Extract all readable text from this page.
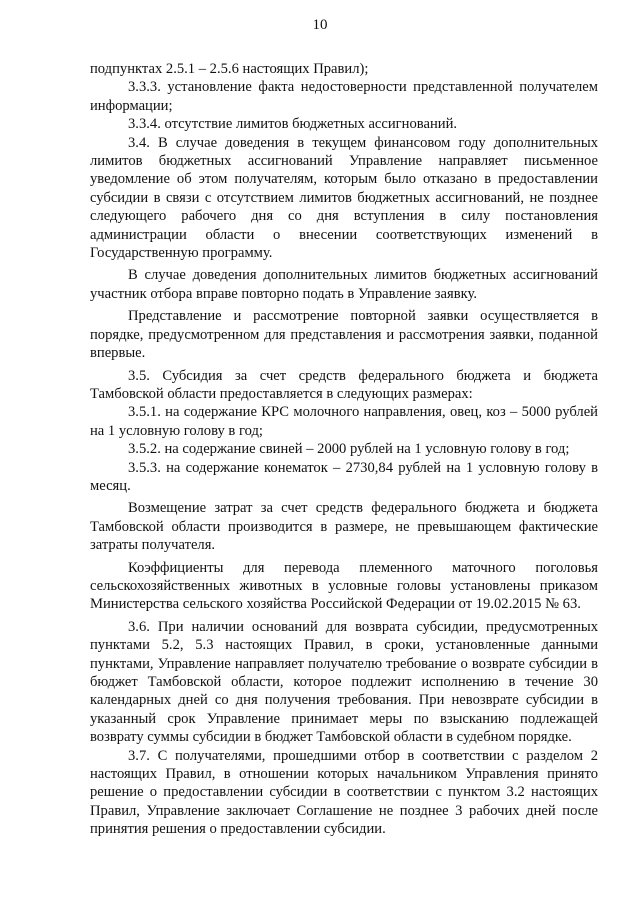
10

подпунктах 2.5.1 – 2.5.6 настоящих Правил);

3.3.3. установление факта недостоверности представленной получателем информации;

3.3.4. отсутствие лимитов бюджетных ассигнований.

3.4. В случае доведения в текущем финансовом году дополнительных лимитов бюджетных ассигнований Управление направляет письменное уведомление об этом получателям, которым было отказано в предоставлении субсидии в связи с отсутствием лимитов бюджетных ассигнований, не позднее следующего рабочего дня со дня вступления в силу постановления администрации области о внесении соответствующих изменений в Государственную программу.

В случае доведения дополнительных лимитов бюджетных ассигнований участник отбора вправе повторно подать в Управление заявку.

Представление и рассмотрение повторной заявки осуществляется в порядке, предусмотренном для представления и рассмотрения заявки, поданной впервые.

3.5. Субсидия за счет средств федерального бюджета и бюджета Тамбовской области предоставляется в следующих размерах:

3.5.1. на содержание КРС молочного направления, овец, коз – 5000 рублей на 1 условную голову в год;

3.5.2. на содержание свиней – 2000 рублей на 1 условную голову в год;

3.5.3. на содержание конематок – 2730,84 рублей на 1 условную голову в месяц.

Возмещение затрат за счет средств федерального бюджета и бюджета Тамбовской области производится в размере, не превышающем фактические затраты получателя.

Коэффициенты для перевода племенного маточного поголовья сельскохозяйственных животных в условные головы установлены приказом Министерства сельского хозяйства Российской Федерации от 19.02.2015 № 63.

3.6. При наличии оснований для возврата субсидии, предусмотренных пунктами 5.2, 5.3 настоящих Правил, в сроки, установленные данными пунктами, Управление направляет получателю требование о возврате субсидии в бюджет Тамбовской области, которое подлежит исполнению в течение 30 календарных дней со дня получения требования. При невозврате субсидии в указанный срок Управление принимает меры по взысканию подлежащей возврату суммы субсидии в бюджет Тамбовской области в судебном порядке.

3.7. С получателями, прошедшими отбор в соответствии с разделом 2 настоящих Правил, в отношении которых начальником Управления принято решение о предоставлении субсидии в соответствии с пунктом 3.2 настоящих Правил, Управление заключает Соглашение не позднее 3 рабочих дней после принятия решения о предоставлении субсидии.
